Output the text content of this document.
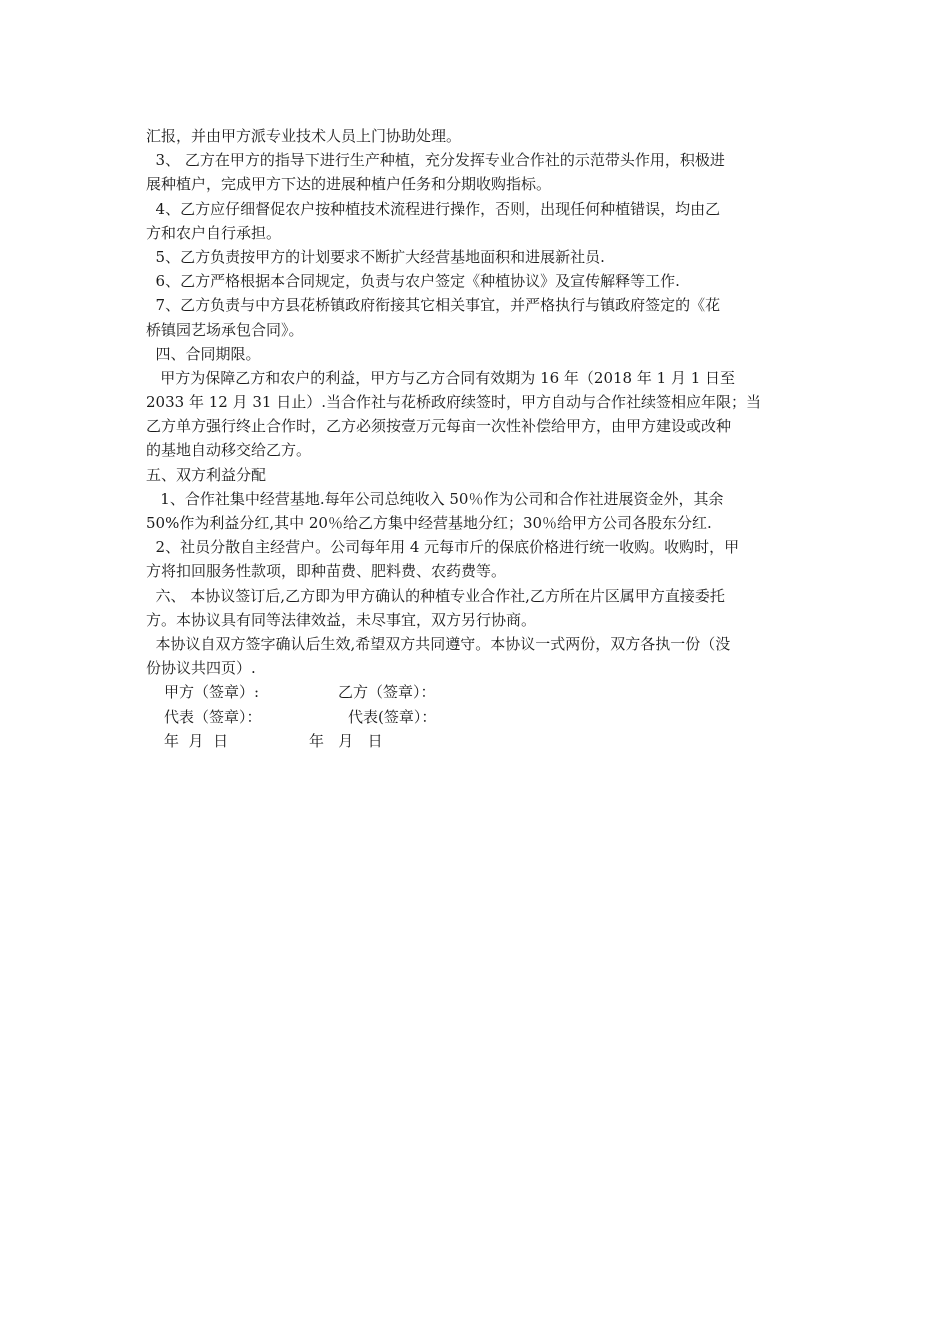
汇报，并由甲方派专业技术人员上门协助处理。
3、 乙方在甲方的指导下进行生产种植，充分发挥专业合作社的示范带头作用，积极进
展种植户，完成甲方下达的进展种植户任务和分期收购指标。
4、乙方应仔细督促农户按种植技术流程进行操作，否则，出现任何种植错误，均由乙
方和农户自行承担。
5、乙方负责按甲方的计划要求不断扩大经营基地面积和进展新社员.
6、乙方严格根据本合同规定，负责与农户签定《种植协议》及宣传解释等工作.
7、乙方负责与中方县花桥镇政府衔接其它相关事宜，并严格执行与镇政府签定的《花
桥镇园艺场承包合同》。
四、合同期限。
甲方为保障乙方和农户的利益，甲方与乙方合同有效期为 16 年（2018 年 1 月 1 日至
2033 年 12 月 31 日止）.当合作社与花桥政府续签时，甲方自动与合作社续签相应年限；当
乙方单方强行终止合作时，乙方必须按壹万元每亩一次性补偿给甲方，由甲方建设或改种
的基地自动移交给乙方。
五、双方利益分配
1、合作社集中经营基地.每年公司总纯收入 50％作为公司和合作社进展资金外，其余
50%作为利益分红,其中 20％给乙方集中经营基地分红；30％给甲方公司各股东分红.
2、社员分散自主经营户。公司每年用 4 元每市斤的保底价格进行统一收购。收购时，甲
方将扣回服务性款项，即种苗费、肥料费、农药费等。
六、 本协议签订后,乙方即为甲方确认的种植专业合作社,乙方所在片区属甲方直接委托
方。本协议具有同等法律效益，未尽事宜，双方另行协商。
本协议自双方签字确认后生效,希望双方共同遵守。本协议一式两份，双方各执一份（没
份协议共四页）.
甲方（签章）:	乙方（签章）：
代表（签章）：	代表(签章）：
年  月  日	年   月   日
